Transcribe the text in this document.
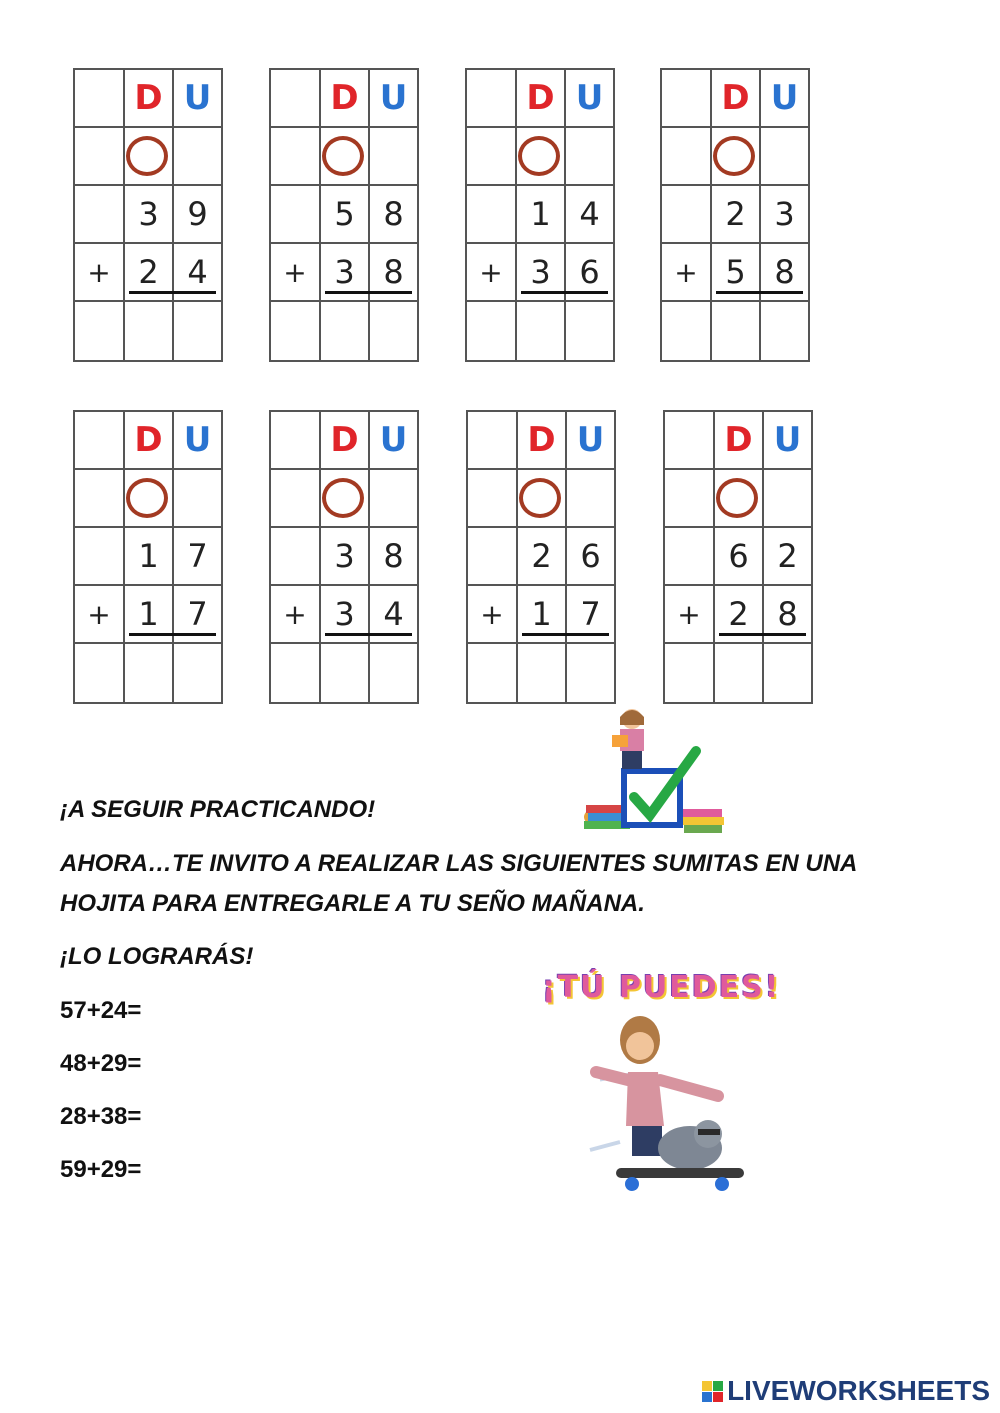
D U
3 9
+ 2 4
D U
5 8
+ 3 8
D U
1 4
+ 3 6
D U
2 3
+ 5 8
D U
1 7
+ 1 7
D U
3 8
+ 3 4
D U
2 6
+ 1 7
D U
6 2
+ 2 8

¡A SEGUIR PRACTICANDO!

AHORA…TE INVITO A REALIZAR LAS SIGUIENTES SUMITAS EN UNA

HOJITA PARA ENTREGARLE A TU SEÑO MAÑANA.

¡LO LOGRARÁS!

57+24=

48+29=

28+38=

59+29=

¡TÚ PUEDES!
LIVEWORKSHEETS
